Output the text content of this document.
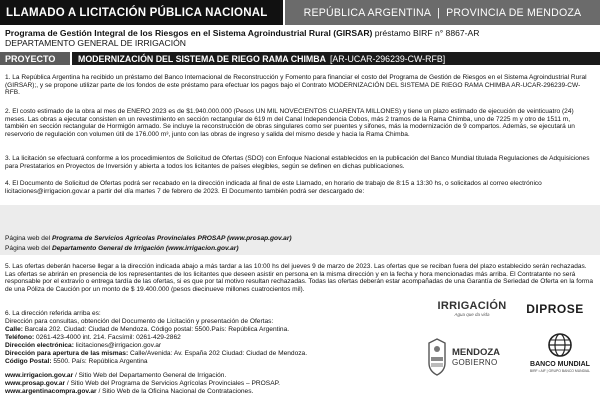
LLAMADO A LICITACIÓN PÚBLICA NACIONAL	REPÚBLICA ARGENTINA | PROVINCIA DE MENDOZA
Programa de Gestión Integral de los Riesgos en el Sistema Agroindustrial Rural (GIRSAR) préstamo BIRF n° 8867-AR
DEPARTAMENTO GENERAL DE IRRIGACIÓN
PROYECTO	MODERNIZACIÓN DEL SISTEMA DE RIEGO RAMA CHIMBA [AR-UCAR-296239-CW-RFB]
1. La República Argentina ha recibido un préstamo del Banco Internacional de Reconstrucción y Fomento para financiar el costo del Programa de Gestión de Riesgos en el Sistema Agroindustrial Rural (GIRSAR);, y se propone utilizar parte de los fondos de este préstamo para efectuar los pagos bajo el Contrato MODERNIZACIÓN DEL SISTEMA DE RIEGO RAMA CHIMBA AR-UCAR-296239-CW-RFB.
2. El costo estimado de la obra al mes de ENERO 2023 es de $1.940.000.000 (Pesos UN MIL NOVECIENTOS CUARENTA MILLONES) y tiene un plazo estimado de ejecución de veinticuatro (24) meses. Las obras a ejecutar consisten en un revestimiento en sección rectangular de 619 m del Canal Independencia Cobos, más 2 tramos de la Rama Chimba, uno de 7225 m y otro de 1511 m, también en sección rectangular de Hormigón armado. Se incluye la reconstrucción de obras singulares como ser puentes y sifones, más la modernización de 9 compartos. Además, se ejecutará un reservorio de regulación con volumen útil de 176.000 m³, junto con las obras de ingreso y salida del mismo desde y hacia la Rama Chimba.
3. La licitación se efectuará conforme a los procedimientos de Solicitud de Ofertas (SDO) con Enfoque Nacional establecidos en la publicación del Banco Mundial titulada Regulaciones de Adquisiciones para Prestatarios en Proyectos de Inversión y abierta a todos los licitantes de países elegibles, según se definen en dichas publicaciones.
4. El Documento de Solicitud de Ofertas podrá ser recabado en la dirección indicada al final de este Llamado, en horario de trabajo de 8:15 a 13:30 hs, o solicitados al correo electrónico licitaciones@irrigacion.gov.ar a partir del día martes 7 de febrero de 2023. El Documento también podrá ser descargado de:
Página web del Programa de Servicios Agrícolas Provinciales PROSAP (www.prosap.gov.ar)
Página web del Departamento General de Irrigación (www.irrigacion.gov.ar)
5. Las ofertas deberán hacerse llegar a la dirección indicada abajo a más tardar a las 10:00 hs del jueves 9 de marzo de 2023. Las ofertas que se reciban fuera del plazo establecido serán rechazadas. Las ofertas se abrirán en presencia de los representantes de los licitantes que deseen asistir en persona en la misma dirección y en la fecha y hora mencionadas más arriba. El Contratante no será responsable por el extravío o entrega tardía de las ofertas, si es que por tal motivo resultan rechazadas. Todas las ofertas deberán estar acompañadas de una Garantía de Seriedad de Oferta en la forma de una Póliza de Caución por un monto de $ 19.400.000 (pesos diecinueve millones cuatrocientos mil).
6. La dirección referida arriba es:
Dirección para consultas, obtención del Documento de Licitación y presentación de Ofertas:
Calle: Barcala 202. Ciudad: Ciudad de Mendoza. Código postal: 5500.País: República Argentina.
Teléfono: 0261-423-4000 int. 214. Facsímil: 0261-429-2862
Dirección electrónica: licitaciones@irrigacion.gov.ar
Dirección para apertura de las mismas: Calle/Avenida: Av. España 202 Ciudad: Ciudad de Mendoza.
Código Postal: 5500. País: República Argentina
www.irrigacion.gov.ar / Sitio Web del Departamento General de Irrigación.
www.prosap.gov.ar / Sitio Web del Programa de Servicios Agrícolas Provinciales – PROSAP.
www.argentinacompra.gov.ar / Sitio Web de la Oficina Nacional de Contrataciones.
IRRIGACIÓN
Agua que da vida	DIPROSE
MENDOZA
GOBIERNO	BANCO MUNDIAL
BIRF • AIF | GRUPO BANCO MUNDIAL
